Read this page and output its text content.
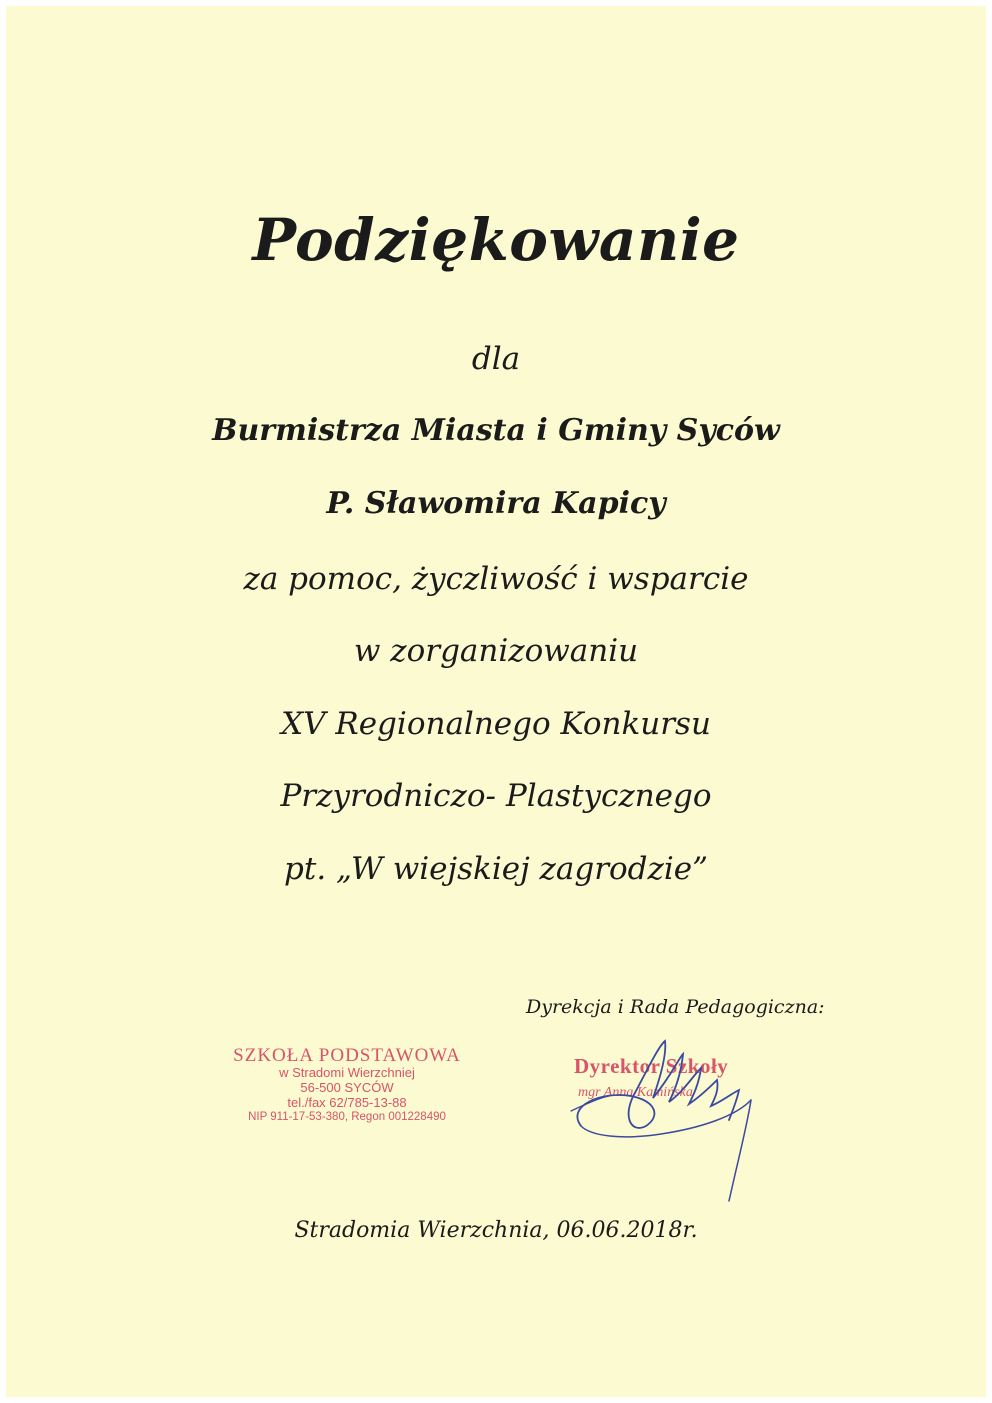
Podziękowanie
dla
Burmistrza Miasta i Gminy Syców
P. Sławomira Kapicy
za pomoc, życzliwość i wsparcie
w zorganizowaniu
XV Regionalnego Konkursu
Przyrodniczo- Plastycznego
pt. „W wiejskiej zagrodzie”
Dyrekcja i Rada Pedagogiczna:
SZKOŁA PODSTAWOWA
w Stradomi Wierzchniej
56-500 SYCÓW
tel./fax 62/785-13-88
NIP 911-17-53-380, Regon 001228490
Dyrektor Szkoły
mgr Anna Kamińska
Stradomia Wierzchnia, 06.06.2018r.
